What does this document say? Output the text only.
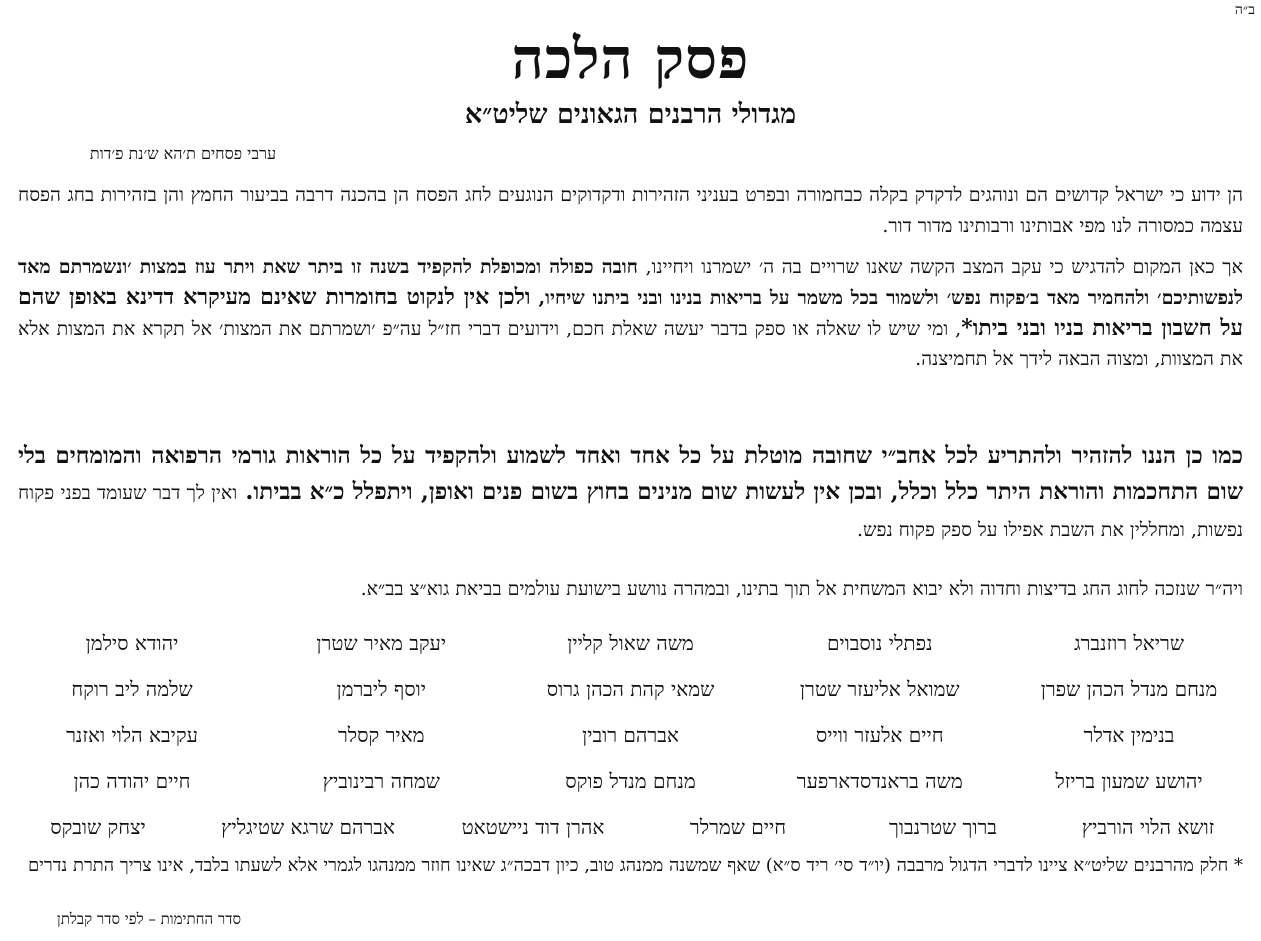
ב״ה
פסק הלכה
מגדולי הרבנים הגאונים שליט״א
ערבי פסחים ת׳הא ש׳נת פ׳דות
הן ידוע כי ישראל קדושים הם ונוהגים לדקדק בקלה כבחמורה ובפרט בעניני הזהירות ודקדוקים הנוגעים לחג הפסח הן בהכנה דרבה בביעור החמץ והן בזהירות בחג הפסח עצמה כמסורה לנו מפי אבותינו ורבותינו מדור דור.
אך כאן המקום להדגיש כי עקב המצב הקשה שאנו שרויים בה ה׳ ישמרנו ויחיינו, חובה כפולה ומכופלת להקפיד בשנה זו ביתר שאת ויתר עוז במצות ׳ונשמרתם מאד לנפשותיכם׳ ולהחמיר מאד ב׳פקוח נפש׳ ולשמור בכל משמר על בריאות בנינו ובני ביתנו שיחיו, ולכן אין לנקוט בחומרות שאינם מעיקרא דדינא באופן שהם על חשבון בריאות בניו ובני ביתו*, ומי שיש לו שאלה או ספק בדבר יעשה שאלת חכם, וידועים דברי חז״ל עה״פ ׳ושמרתם את המצות׳ אל תקרא את המצות אלא את המצוות, ומצוה הבאה לידך אל תחמיצנה.
כמו כן הננו להזהיר ולהתריע לכל אחב״י שחובה מוטלת על כל אחד ואחד לשמוע ולהקפיד על כל הוראות גורמי הרפואה והמומחים בלי שום התחכמות והוראת היתר כלל וכלל, ובכן אין לעשות שום מנינים בחוץ בשום פנים ואופן, ויתפלל כ״א בביתו. ואין לך דבר שעומד בפני פקוח נפשות, ומחללין את השבת אפילו על ספק פקוח נפש.
ויה״ר שנזכה לחוג החג בדיצות וחדוה ולא יבוא המשחית אל תוך בתינו, ובמהרה נוושע בישועת עולמים בביאת גוא״צ בב״א.
שריאל רוזנברג
נפתלי נוסבוים
משה שאול קליין
יעקב מאיר שטרן
יהודא סילמן
מנחם מנדל הכהן שפרן
שמואל אליעזר שטרן
שמאי קהת הכהן גרוס
יוסף ליברמן
שלמה ליב רוקח
בנימין אדלר
חיים אלעזר ווייס
אברהם רובין
מאיר קסלר
עקיבא הלוי ואזנר
יהושע שמעון בריזל
משה בראנדסדארפער
מנחם מנדל פוקס
שמחה רבינוביץ
חיים יהודה כהן
זושא הלוי הורביץ
ברוך שטרנבוך
חיים שמרלר
אהרן דוד ניישטאט
אברהם שרגא שטיגליץ
יצחק שובקס
* חלק מהרבנים שליט״א ציינו לדברי הדגול מרבבה (יו״ד סי׳ ריד ס״א) שאף שמשנה ממנהג טוב, כיון דבכה״ג שאינו חוזר ממנהגו לגמרי אלא לשעתו בלבד, אינו צריך התרת נדרים
סדר החתימות – לפי סדר קבלתן
